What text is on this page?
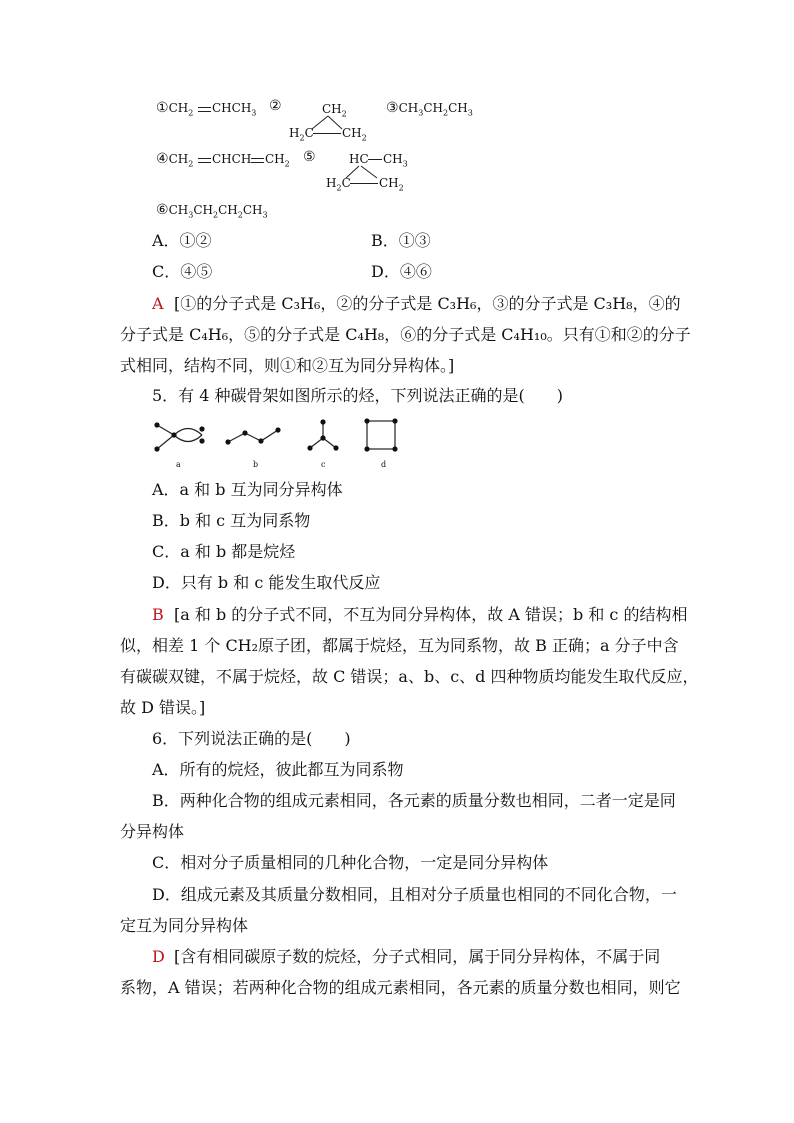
$①CH_2$ $CHCH_3$ ②	$CH_2$
$H_2C$ $CH_2$
$③CH_3CH_2CH_3$
$④CH_2$ CHCH $CH_2$ ⑤	HC $CH_3$
$H_2C$ $CH_2$
$⑥CH_3CH_2CH_2CH_3$
A．①②	B．①③
C．④⑤	D．④⑥
A [①的分子式是 C₃H₆，②的分子式是 C₃H₆，③的分子式是 C₃H₈，④的
分子式是 C₄H₆，⑤的分子式是 C₄H₈，⑥的分子式是 C₄H₁₀。只有①和②的分子
式相同，结构不同，则①和②互为同分异构体。]
5．有 4 种碳骨架如图所示的烃，下列说法正确的是(　　)
a	b	c	d
A．a 和 b 互为同分异构体
B．b 和 c 互为同系物
C．a 和 b 都是烷烃
D．只有 b 和 c 能发生取代反应
B [a 和 b 的分子式不同，不互为同分异构体，故 A 错误；b 和 c 的结构相
似，相差 1 个 CH₂原子团，都属于烷烃，互为同系物，故 B 正确；a 分子中含
有碳碳双键，不属于烷烃，故 C 错误；a、b、c、d 四种物质均能发生取代反应，
故 D 错误。]
6．下列说法正确的是(　　)
A．所有的烷烃，彼此都互为同系物
B．两种化合物的组成元素相同，各元素的质量分数也相同，二者一定是同
分异构体
C．相对分子质量相同的几种化合物，一定是同分异构体
D．组成元素及其质量分数相同，且相对分子质量也相同的不同化合物，一
定互为同分异构体
D [含有相同碳原子数的烷烃，分子式相同，属于同分异构体，不属于同
系物，A 错误；若两种化合物的组成元素相同，各元素的质量分数也相同，则它
